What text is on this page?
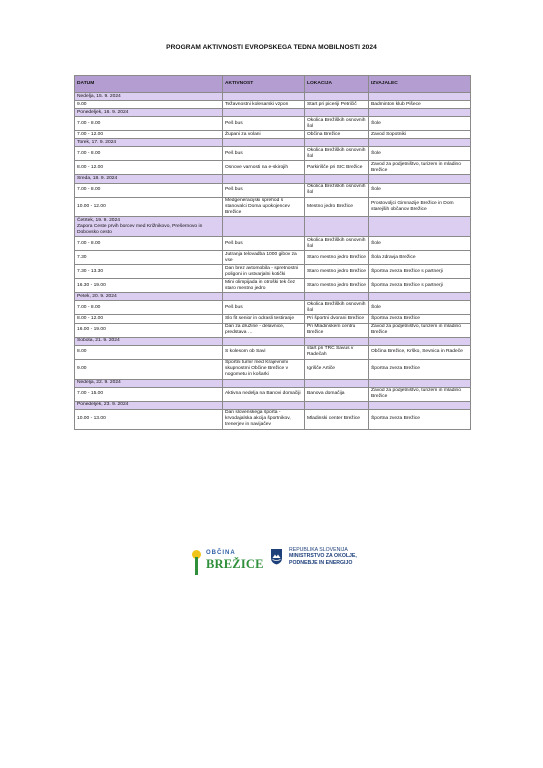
PROGRAM AKTIVNOSTI EVROPSKEGA TEDNA MOBILNOSTI 2024
DATUM	AKTIVNOST	LOKACIJA	IZVAJALEC
Nedelja, 15. 9. 2024			
9.00	Težavnostni kolesarski vzpon	Start pri piceriji Petričič	Badminton klub Pišece
Ponedeljek, 16. 9. 2024			
7.00 - 8.00	Peš bus	Okolica Brežiških osnovnih šol	Šole
7.00 - 12.00	Župani za volani	Občina Brežice	Zavod Sopotniki
Torek, 17. 9. 2024			
7.00 - 8.00	Peš bus	Okolica Brežiških osnovnih šol	Šole
8.00 - 12.00	Osnove varnosti na e-skirojih	Parkirišče pri SIC Brežice	Zavod za podjetništvo, turizem in mladino Brežice
Sreda, 18. 9. 2024			
7.00 - 8.00	Peš bus	Okolica Brežiških osnovnih šol	Šole
10.00 - 12.00	Medgeneracijski sprehod s stanovalci Doma upokojencev Brežice	Mestno jedro Brežice	Prostovoljci Gimnazije Brežice in Dom starejših občanov Brežice
Četrtek, 19. 9. 2024
Zapora Ceste prvih borcev med Križnikovo, Prešernovo in Dobovsko cesto			
7.00 - 8.00	Peš bus	Okolica Brežiških osnovnih šol	Šole
7.30	Jutranja telovadba 1000 gibov za vse	Staro mestno jedro Brežice	Šola zdravja Brežice
7.30 - 13.30	Dan brez avtomobila - spretnostni poligoni in ustvarjalni kotički	Staro mestno jedro Brežice	Športna zveza Brežice s partnerji
16.30 - 19.00	Mini olimpijada in otroški tek čez staro mestno jedro	Staro mestno jedro Brežice	Športna zveza Brežice s partnerji
Petek, 20. 9. 2024			
7.00 - 8.00	Peš bus	Okolica Brežiških osnovnih šol	Šole
8.00 - 12.00	Slo fit senior in odrasli testiranje	Pri športni dvorani Brežice	Športna zveza Brežice
16.00 - 19.00	Dan za družine - delavnice, predstava …	Pri Mladinskem centru Brežice	Zavod za podjetništvo, turizem in mladino Brežice
Sobota, 21. 9. 2024			
8.00	S kolesom ob Savi	start pri TRC Savus v Radečah	Občina Brežice, Krško, Sevnica in Radeče
9.00	Športni turnir med Krajevnimi skupnostmi Občine Brežice v nogometu in košarki	Igrišče Artiče	Športna zveza Brežice
Nedelja, 22. 9. 2024			
7.00 - 15.00	Aktivna nedelja na Banovi domačiji	Banova domačija	Zavod za podjetništvo, turizem in mladino Brežice
Ponedeljek, 23. 9. 2024			
10.00 - 13.00	Dan slovenskega športa - krvodajalska akcija športnikov, trenerjev in navijačev	Mladinski center Brežice	Športna zveza Brežice
OBČINA
BREŽICE
REPUBLIKA SLOVENIJA
MINISTRSTVO ZA OKOLJE,
PODNEBJE IN ENERGIJO
